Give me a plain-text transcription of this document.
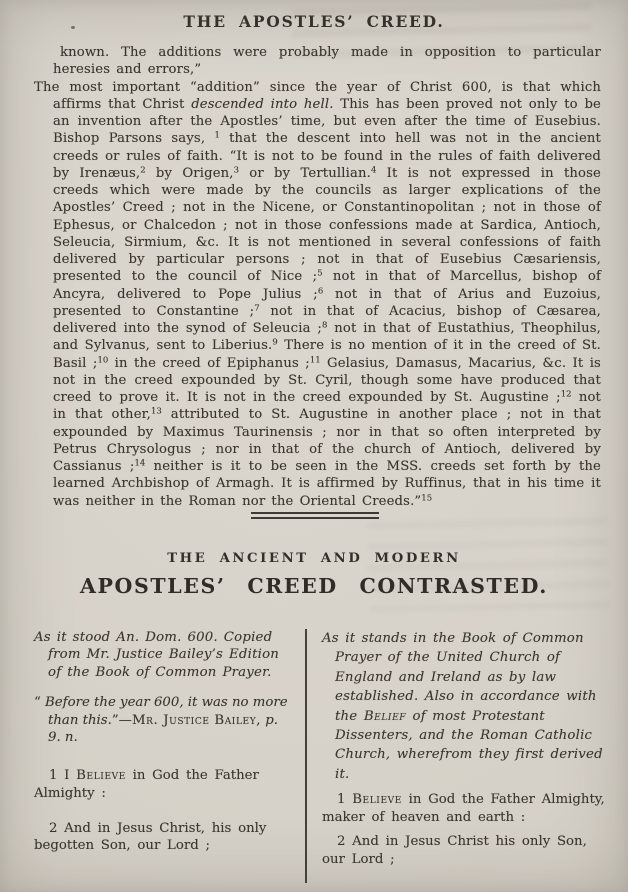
THE APOSTLES’ CREED.

known. The additions were probably made in opposition to particular heresies and errors,”

The most important “addition” since the year of Christ 600, is that which affirms that Christ descended into hell. This has been proved not only to be an invention after the Apostles’ time, but even after the time of Eusebius. Bishop Parsons says, $^1$ that the descent into hell was not in the ancient creeds or rules of faith. “It is not to be found in the rules of faith delivered by Irenæus,$^2$ by Origen,$^3$ or by Tertullian.$^4$ It is not expressed in those creeds which were made by the councils as larger explications of the Apostles’ Creed ; not in the Nicene, or Constantinopolitan ; not in those of Ephesus, or Chalcedon ; not in those confessions made at Sardica, Antioch, Seleucia, Sirmium, &c. It is not mentioned in several confessions of faith delivered by particular persons ; not in that of Eusebius Cæsariensis, presented to the council of Nice ;$^5$ not in that of Marcellus, bishop of Ancyra, delivered to Pope Julius ;$^6$ not in that of Arius and Euzoius, presented to Constantine ;$^7$ not in that of Acacius, bishop of Cæsarea, delivered into the synod of Seleucia ;$^8$ not in that of Eustathius, Theophilus, and Sylvanus, sent to Liberius.$^9$ There is no mention of it in the creed of St. Basil ;$^{10}$ in the creed of Epiphanus ;$^{11}$ Gelasius, Damasus, Macarius, &c. It is not in the creed expounded by St. Cyril, though some have produced that creed to prove it. It is not in the creed expounded by St. Augustine ;$^{12}$ not in that other,$^{13}$ attributed to St. Augustine in another place ; not in that expounded by Maximus Taurinensis ; nor in that so often interpreted by Petrus Chrysologus ; nor in that of the church of Antioch, delivered by Cassianus ;$^{14}$ neither is it to be seen in the MSS. creeds set forth by the learned Archbishop of Armagh. It is affirmed by Ruffinus, that in his time it was neither in the Roman nor the Oriental Creeds.”$^{15}$

THE ANCIENT AND MODERN
APOSTLES’ CREED CONTRASTED.

As it stood An. Dom. 600. Copied from Mr. Justice Bailey’s Edition of the Book of Common Prayer.

“ Before the year 600, it was no more than this.”—Mr. Justice Bailey, p. 9. n.

1 I Believe in God the Father Almighty :

2 And in Jesus Christ, his only begotten Son, our Lord ;

As it stands in the Book of Common Prayer of the United Church of England and Ireland as by law established. Also in accordance with the Belief of most Protestant Dissenters, and the Roman Catholic Church, wherefrom they first derived it.

1 Believe in God the Father Almighty, maker of heaven and earth :

2 And in Jesus Christ his only Son, our Lord ;
